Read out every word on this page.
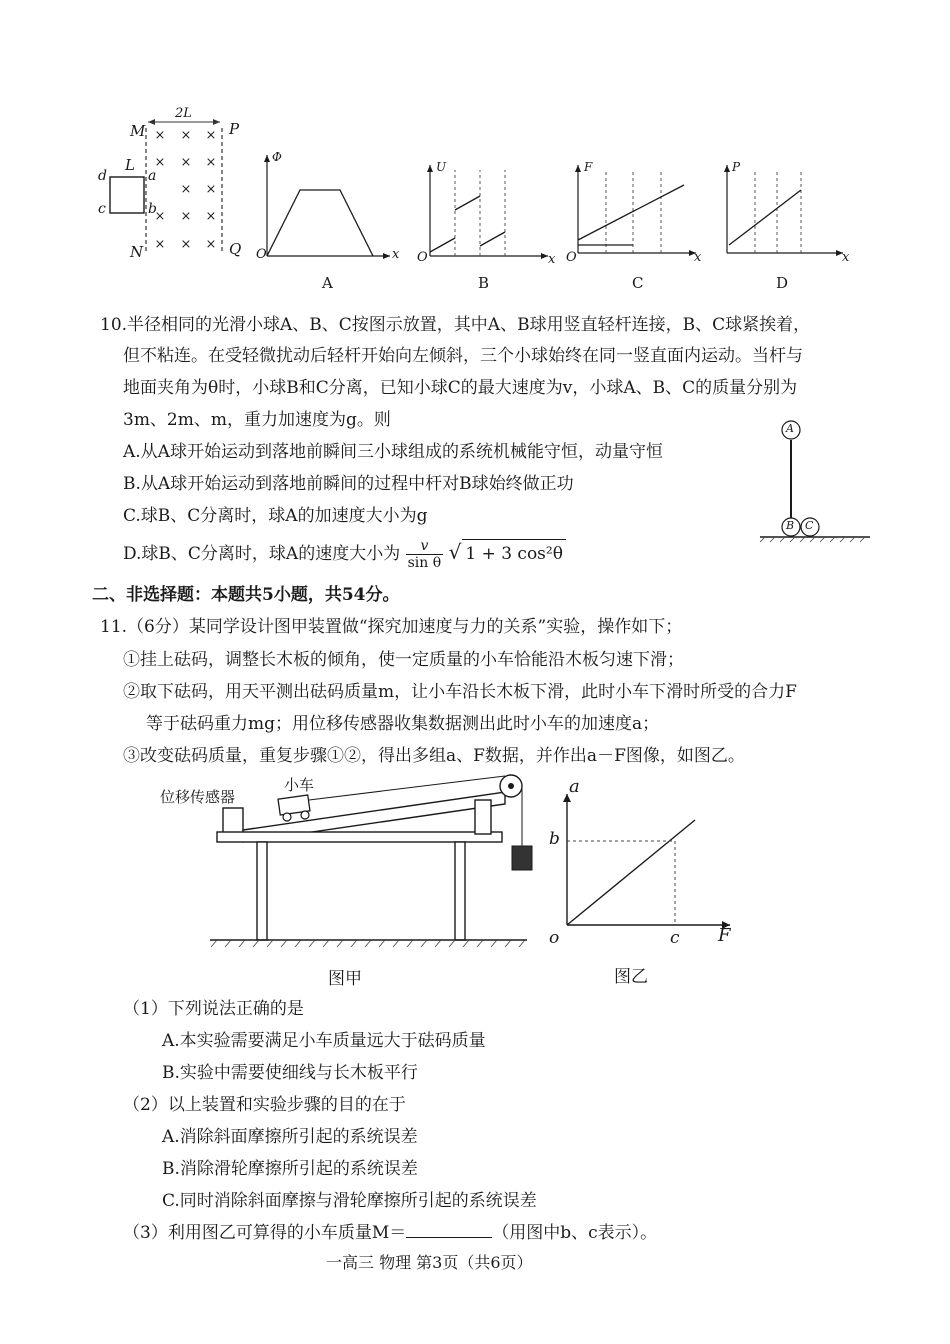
× × ×
× × ×
× ×
× × ×
× × ×
M	P
N	Q
2L
L
a
b
c
d
Φ
x
O
A
U
x
O
B
F
x
O
C
P
x
D
10.半径相同的光滑小球A、B、C按图示放置，其中A、B球用竖直轻杆连接，B、C球紧挨着，
但不粘连。在受轻微扰动后轻杆开始向左倾斜，三个小球始终在同一竖直面内运动。当杆与
地面夹角为θ时，小球B和C分离，已知小球C的最大速度为v，小球A、B、C的质量分别为
3m、2m、m，重力加速度为g。则
A.从A球开始运动到落地前瞬间三小球组成的系统机械能守恒，动量守恒
B.从A球开始运动到落地前瞬间的过程中杆对B球始终做正功
C.球B、C分离时，球A的加速度大小为g
D.球B、C分离时，球A的速度大小为 $\frac{v}{\text{sin θ}}$ √ 1 + 3 cos²θ
A
B C
二、非选择题：本题共5小题，共54分。
11.（6分）某同学设计图甲装置做“探究加速度与力的关系”实验，操作如下；
①挂上砝码，调整长木板的倾角，使一定质量的小车恰能沿木板匀速下滑；
②取下砝码，用天平测出砝码质量m，让小车沿长木板下滑，此时小车下滑时所受的合力F
等于砝码重力mg；用位移传感器收集数据测出此时小车的加速度a；
③改变砝码质量，重复步骤①②，得出多组a、F数据，并作出a－F图像，如图乙。
位移传感器
小车
图甲
a
F
o
b
c
图乙
（1）下列说法正确的是
A.本实验需要满足小车质量远大于砝码质量
B.实验中需要使细线与长木板平行
（2）以上装置和实验步骤的目的在于
A.消除斜面摩擦所引起的系统误差
B.消除滑轮摩擦所引起的系统误差
C.同时消除斜面摩擦与滑轮摩擦所引起的系统误差
（3）利用图乙可算得的小车质量M＝	（用图中b、c表示）。
一高三 物理 第3页（共6页）
